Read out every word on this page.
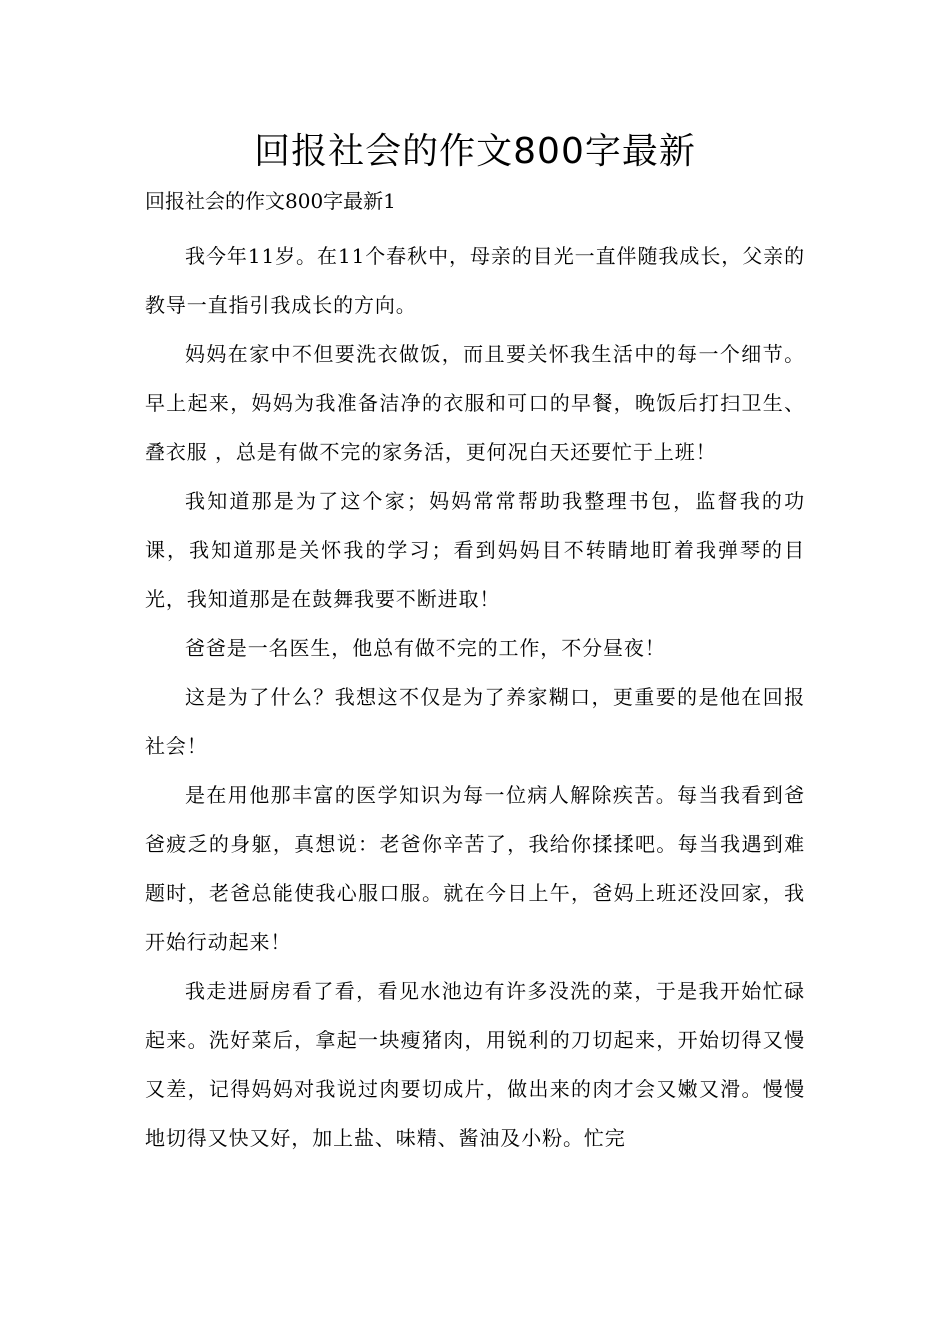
回报社会的作文800字最新

回报社会的作文800字最新1

我今年11岁。在11个春秋中，母亲的目光一直伴随我成长，父亲的教导一直指引我成长的方向。

妈妈在家中不但要洗衣做饭，而且要关怀我生活中的每一个细节。早上起来，妈妈为我准备洁净的衣服和可口的早餐，晚饭后打扫卫生、叠衣服 ，总是有做不完的家务活，更何况白天还要忙于上班！

我知道那是为了这个家；妈妈常常帮助我整理书包，监督我的功课，我知道那是关怀我的学习；看到妈妈目不转睛地盯着我弹琴的目光，我知道那是在鼓舞我要不断进取！

爸爸是一名医生，他总有做不完的工作，不分昼夜！

这是为了什么？我想这不仅是为了养家糊口，更重要的是他在回报社会！

是在用他那丰富的医学知识为每一位病人解除疾苦。每当我看到爸爸疲乏的身躯，真想说：老爸你辛苦了，我给你揉揉吧。每当我遇到难题时，老爸总能使我心服口服。就在今日上午，爸妈上班还没回家，我开始行动起来！

我走进厨房看了看，看见水池边有许多没洗的菜，于是我开始忙碌起来。洗好菜后，拿起一块瘦猪肉，用锐利的刀切起来，开始切得又慢又差，记得妈妈对我说过肉要切成片，做出来的肉才会又嫩又滑。慢慢地切得又快又好，加上盐、味精、酱油及小粉。忙完
